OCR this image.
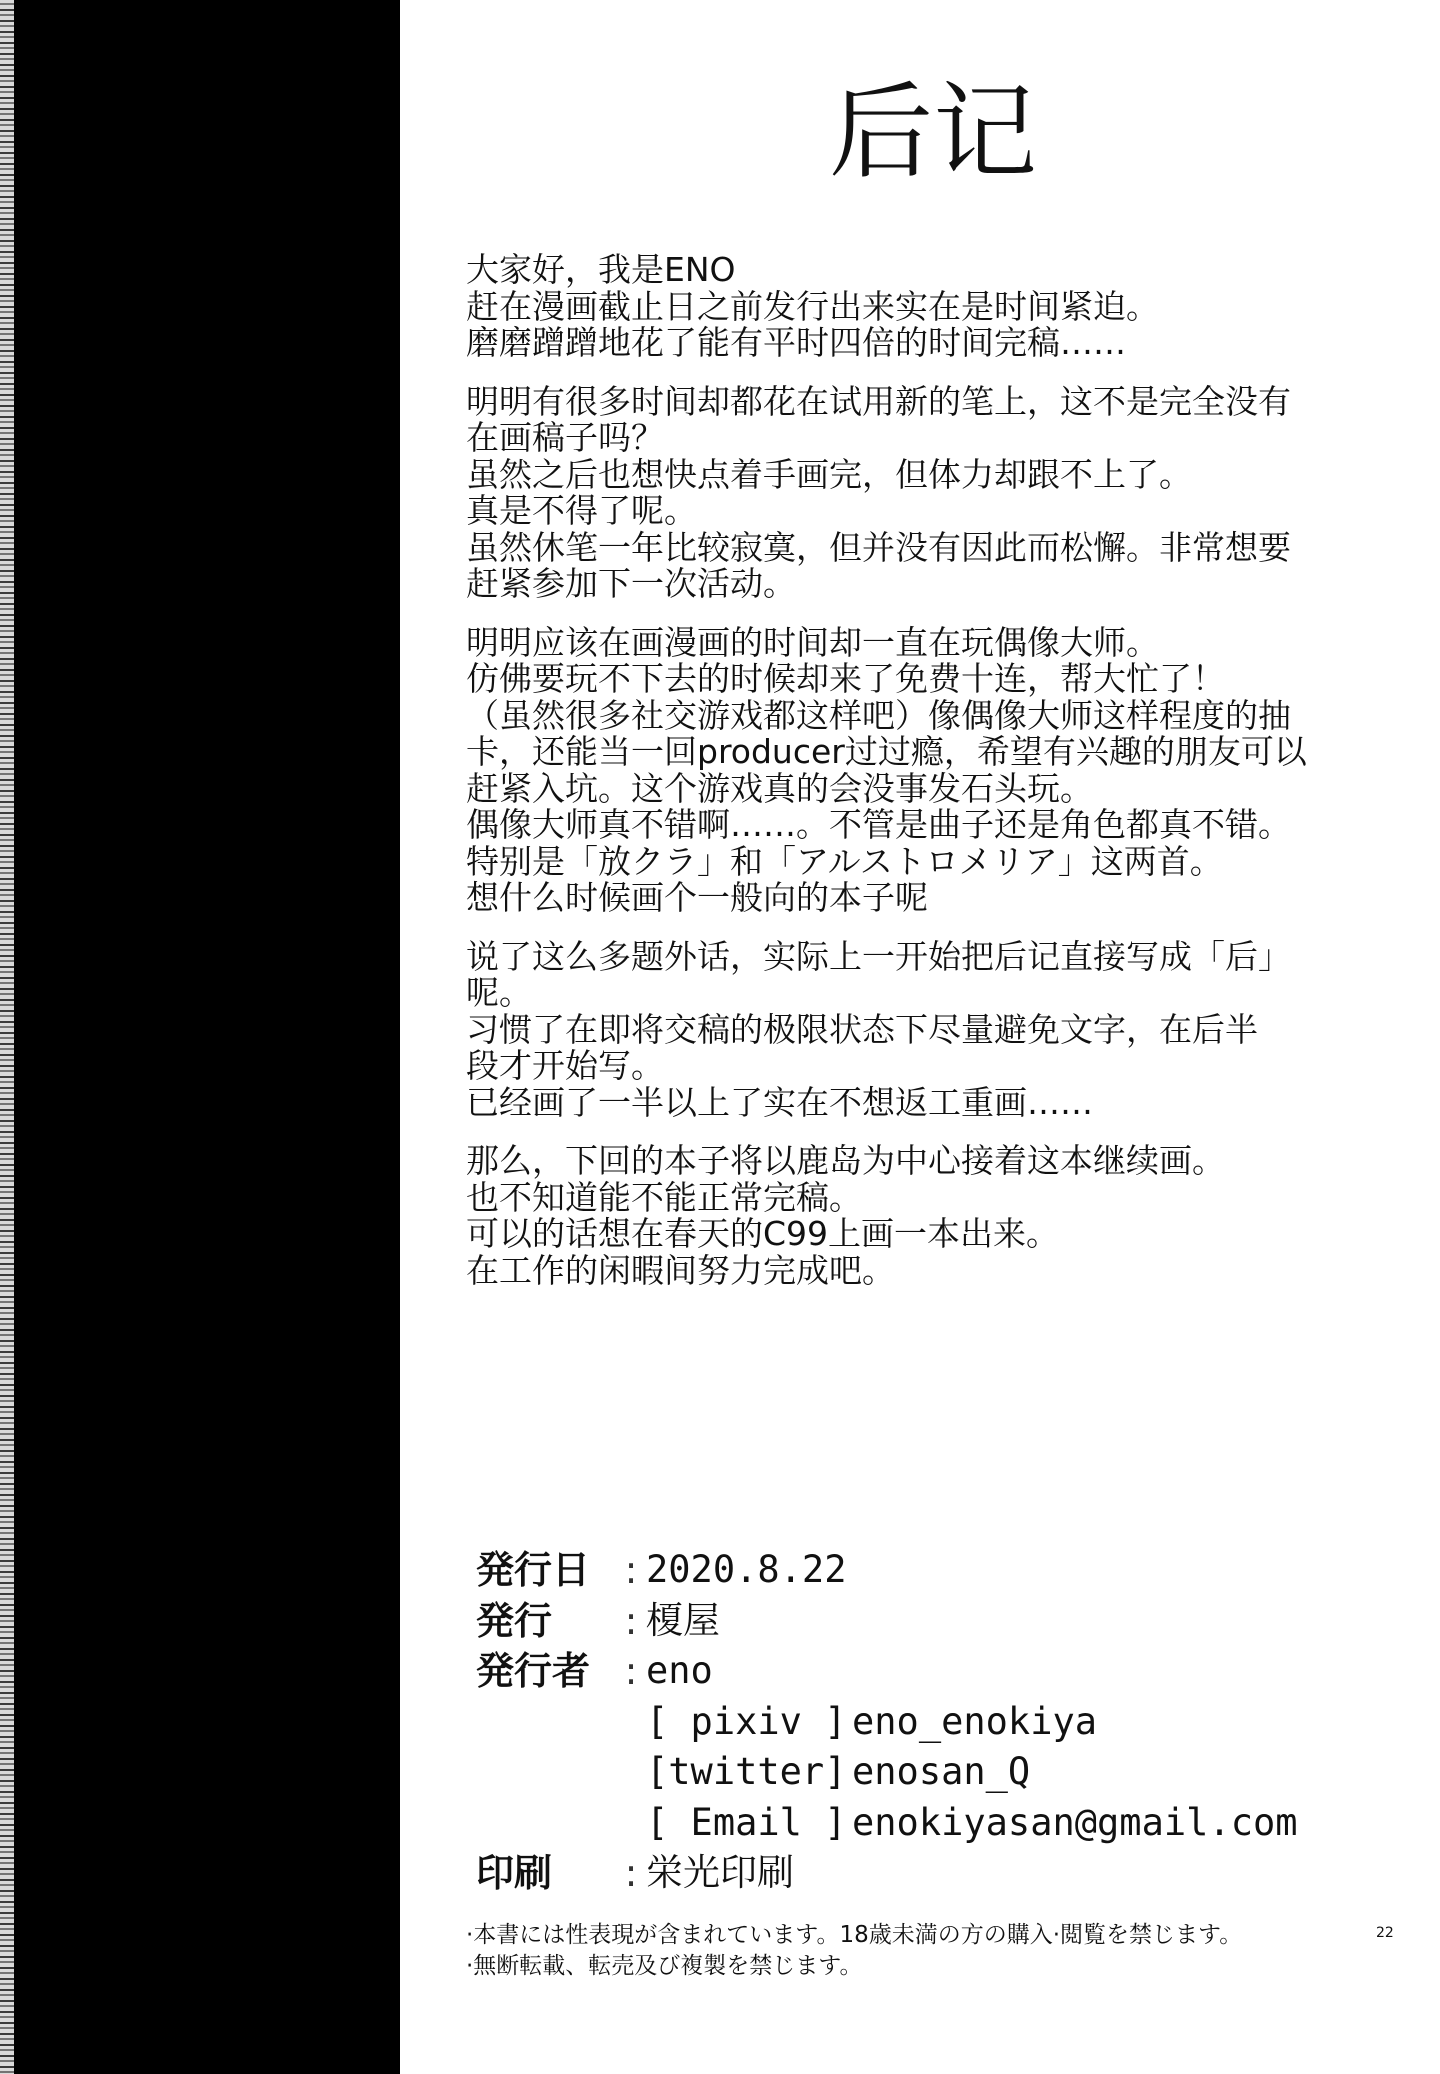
后记
大家好，我是ENO
赶在漫画截止日之前发行出来实在是时间紧迫。
磨磨蹭蹭地花了能有平时四倍的时间完稿……
明明有很多时间却都花在试用新的笔上，这不是完全没有
在画稿子吗？
虽然之后也想快点着手画完，但体力却跟不上了。
真是不得了呢。
虽然休笔一年比较寂寞，但并没有因此而松懈。非常想要
赶紧参加下一次活动。
明明应该在画漫画的时间却一直在玩偶像大师。
仿佛要玩不下去的时候却来了免费十连，帮大忙了！
（虽然很多社交游戏都这样吧）像偶像大师这样程度的抽
卡，还能当一回producer过过瘾，希望有兴趣的朋友可以
赶紧入坑。这个游戏真的会没事发石头玩。
偶像大师真不错啊……。不管是曲子还是角色都真不错。
特别是「放クラ」和「アルストロメリア」这两首。
想什么时候画个一般向的本子呢
说了这么多题外话，实际上一开始把后记直接写成「后」
呢。
习惯了在即将交稿的极限状态下尽量避免文字，在后半
段才开始写。
已经画了一半以上了实在不想返工重画……
那么，下回的本子将以鹿岛为中心接着这本继续画。
也不知道能不能正常完稿。
可以的话想在春天的C99上画一本出来。
在工作的闲暇间努力完成吧。
発行日 : 2020.8.22
発行	: 榎屋
発行者 : eno
[ pixiv ] eno_enokiya
[twitter] enosan_Q
[ Email ] enokiyasan@gmail.com
印刷	: 栄光印刷
·本書には性表現が含まれています。18歳未満の方の購入·閲覧を禁じます。
·無断転載、転売及び複製を禁じます。
22
